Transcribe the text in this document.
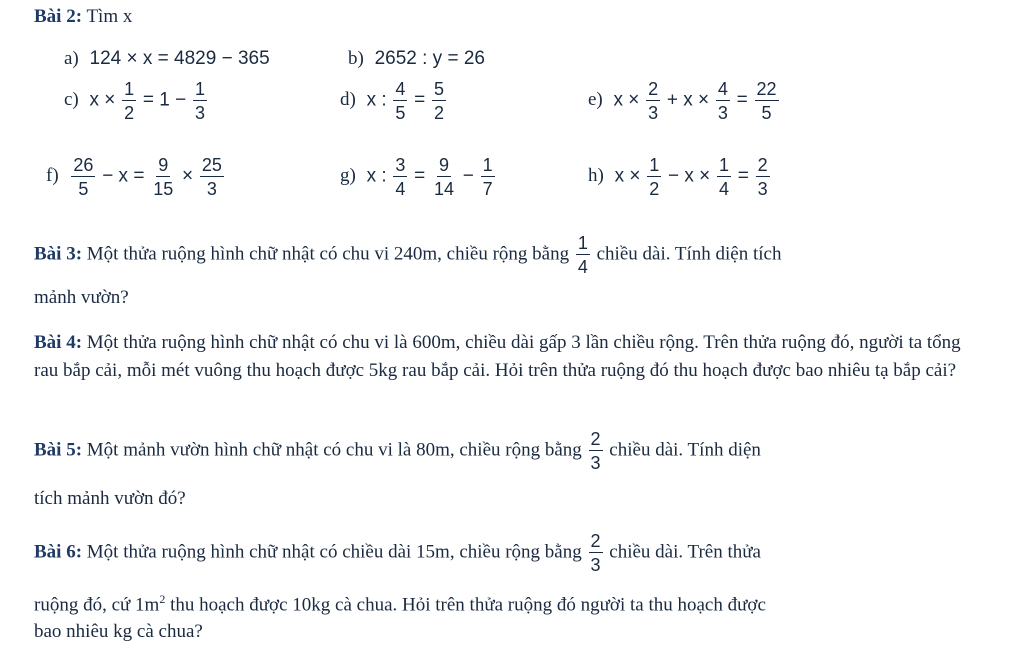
Bài 2: Tìm x
a) 124 × x = 4829 − 365	b) 2652 : y = 26
c) $x \times \frac{1}{2} = 1 - \frac{1}{3}$	d) x : $\frac{4}{5} = \frac{5}{2}$	e) $x \times \frac{2}{3} + x \times \frac{4}{3} = \frac{22}{5}$
$f) \frac{26}{5} - x = \frac{9}{15} \times \frac{25}{3}$	g) x : $\frac{3}{4} = \frac{9}{14} - \frac{1}{7}$	h) $x \times \frac{1}{2} - x \times \frac{1}{4} = \frac{2}{3}$
Bài 3: Một thửa ruộng hình chữ nhật có chu vi 240m, chiều rộng bằng $\frac{1}{4}$ chiều dài. Tính diện tích
mảnh vườn?
Bài 4: Một thửa ruộng hình chữ nhật có chu vi là 600m, chiều dài gấp 3 lần chiều rộng. Trên thửa ruộng đó, người ta tổng rau bắp cải, mỗi mét vuông thu hoạch được 5kg rau bắp cải. Hỏi trên thửa ruộng đó thu hoạch được bao nhiêu tạ bắp cải?
Bài 5: Một mảnh vườn hình chữ nhật có chu vi là 80m, chiều rộng bằng $\frac{2}{3}$ chiều dài. Tính diện
tích mảnh vườn đó?
Bài 6: Một thửa ruộng hình chữ nhật có chiều dài 15m, chiều rộng bằng $\frac{2}{3}$ chiều dài. Trên thửa
ruộng đó, cứ $1m^2$ thu hoạch được 10kg cà chua. Hỏi trên thửa ruộng đó người ta thu hoạch được
bao nhiêu kg cà chua?
